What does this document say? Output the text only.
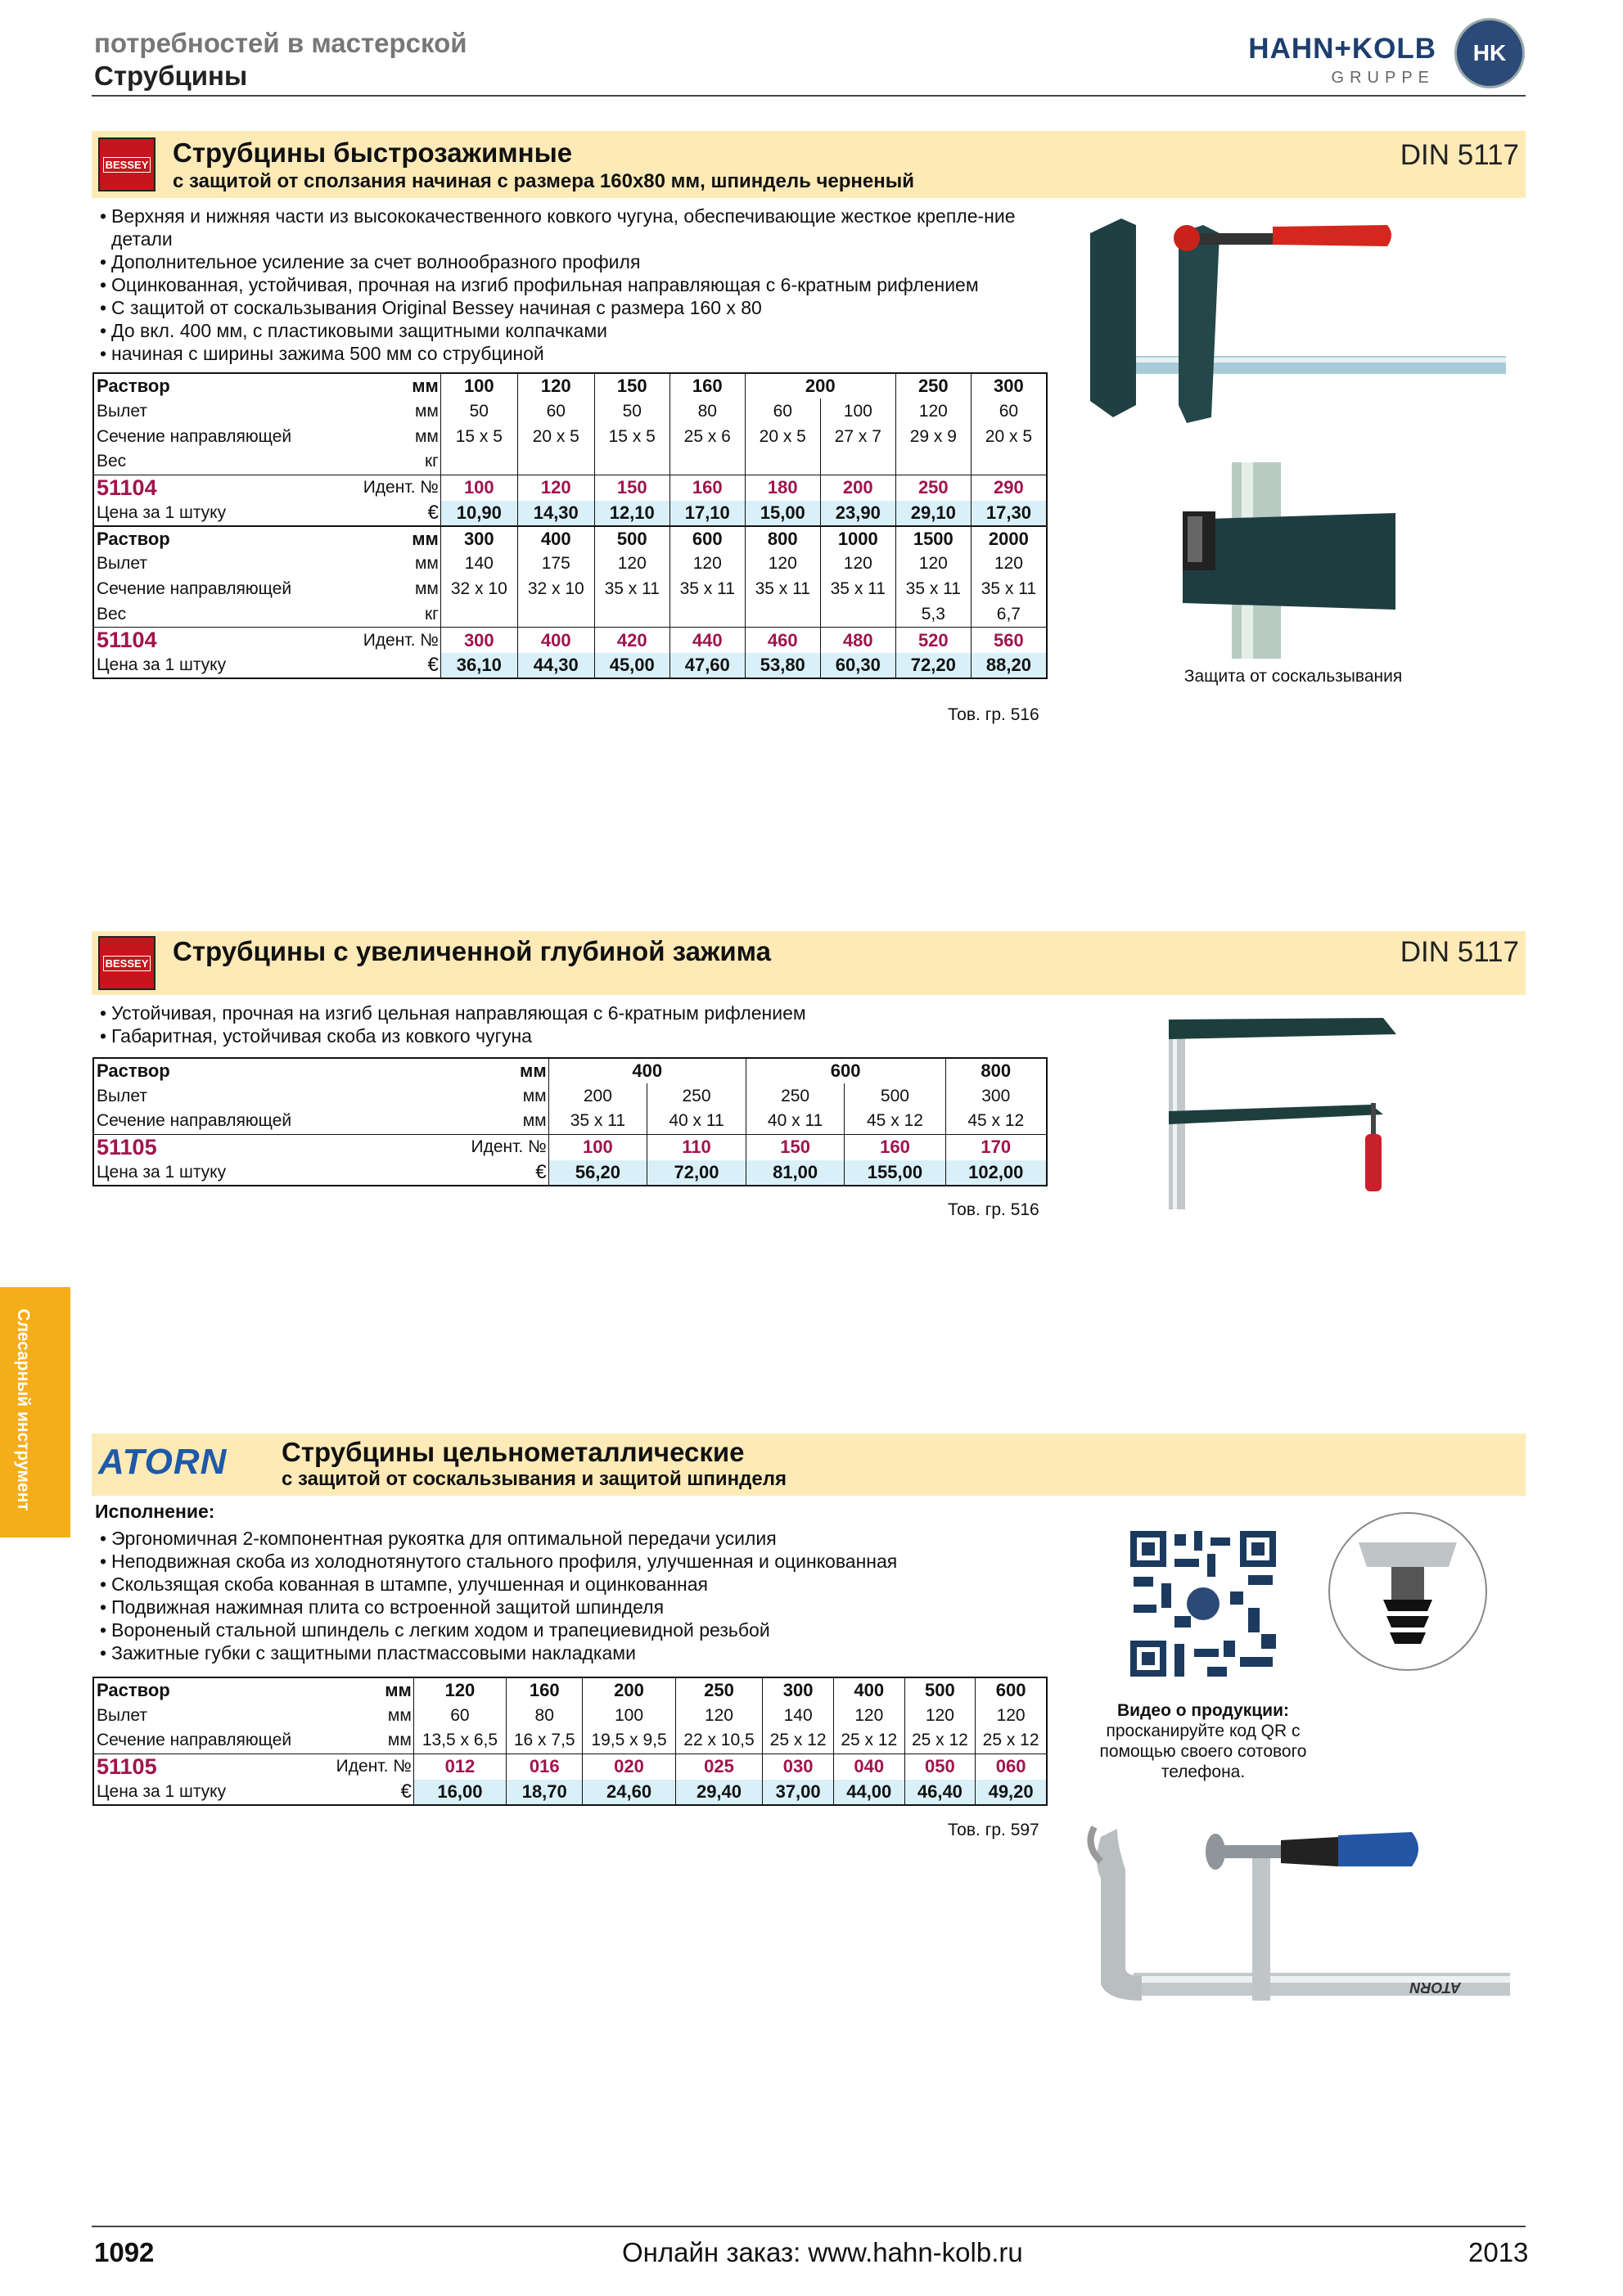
потребностей в мастерской
Струбцины
HAHN+KOLB
GRUPPE
HK
BESSEY Струбцины быстрозажимные
с защитой от сползания начиная с размера 160x80 мм, шпиндель черненый
DIN 5117
• Верхняя и нижняя части из высококачественного ковкого чугуна, обеспечивающие жесткое крепле-ние детали
• Дополнительное усиление за счет волнообразного профиля
• Оцинкованная, устойчивая, прочная на изгиб профильная направляющая с 6-кратным рифлением
• С защитой от соскальзывания Original Bessey начиная с размера 160 x 80
• До вкл. 400 мм, с пластиковыми защитными колпачками
• начиная с ширины зажима 500 мм со струбциной
Раствор	мм	100	120	150	160	200		250	300
Вылет	мм	50	60	50	80	60	100	120	60
Сечение направляющей	мм	15 x 5	20 x 5	15 x 5	25 x 6	20 x 5	27 x 7	29 x 9	20 x 5
Вес	кг								
51104	Идент. №	100	120	150	160	180	200	250	290
Цена за 1 штуку	€	10,90	14,30	12,10	17,10	15,00	23,90	29,10	17,30
Раствор	мм	300	400	500	600	800	1000	1500	2000
Вылет	мм	140	175	120	120	120	120	120	120
Сечение направляющей	мм	32 x 10	32 x 10	35 x 11	35 x 11	35 x 11	35 x 11	35 x 11	35 x 11
Вес	кг							5,3	6,7
51104	Идент. №	300	400	420	440	460	480	520	560
Цена за 1 штуку	€	36,10	44,30	45,00	47,60	53,80	60,30	72,20	88,20
Тов. гр. 516
Защита от соскальзывания
BESSEY Струбцины с увеличенной глубиной зажима	DIN 5117
• Устойчивая, прочная на изгиб цельная направляющая с 6-кратным рифлением
• Габаритная, устойчивая скоба из ковкого чугуна
Раствор	мм	400		600		800
Вылет	мм	200	250	250	500	300
Сечение направляющей	мм	35 x 11	40 x 11	40 x 11	45 x 12	45 x 12
51105	Идент. №	100	110	150	160	170
Цена за 1 штуку	€	56,20	72,00	81,00	155,00	102,00
Тов. гр. 516
Слесарный инструмент ATORN Струбцины цельнометаллические
с защитой от соскальзывания и защитой шпинделя
Исполнение:
• Эргономичная 2-компонентная рукоятка для оптимальной передачи усилия
• Неподвижная скоба из холоднотянутого стального профиля, улучшенная и оцинкованная
• Скользящая скоба кованная в штампе, улучшенная и оцинкованная
• Подвижная нажимная плита со встроенной защитой шпинделя
• Вороненый стальной шпиндель с легким ходом и трапециевидной резьбой
• Зажитные губки с защитными пластмассовыми накладками
Раствор	мм	120	160	200	250	300	400	500	600
Вылет	мм	60	80	100	120	140	120	120	120
Сечение направляющей	мм	13,5 x 6,5	16 x 7,5	19,5 x 9,5	22 x 10,5	25 x 12	25 x 12	25 x 12	25 x 12
51105	Идент. №	012	016	020	025	030	040	050	060
Цена за 1 штуку	€	16,00	18,70	24,60	29,40	37,00	44,00	46,40	49,20
Тов. гр. 597
Видео о продукции:
просканируйте код QR с помощью своего сотового телефона.
ATORN
1092	Онлайн заказ: www.hahn-kolb.ru	2013
